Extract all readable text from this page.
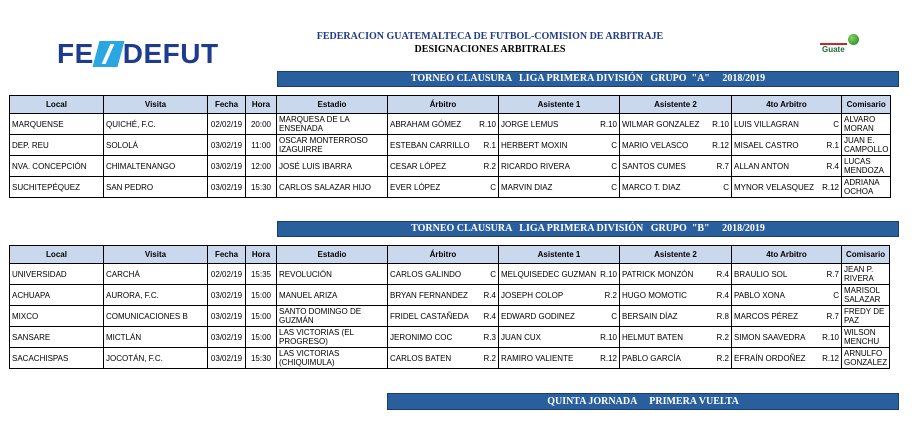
FE DEFUT
FEDERACION GUATEMALTECA DE FUTBOL-COMISION DE ARBITRAJE
DESIGNACIONES ARBITRALES	Guate
TORNEO CLAUSURA   LIGA PRIMERA DIVISIÓN   GRUPO  "A"     2018/2019
Local	Visita	Fecha	Hora	Estadio	Árbitro	Asistente 1	Asistente 2	4to Arbitro	Comisario
MARQUENSE	QUICHÉ, F.C.	02/02/19	20:00	MARQUESA DE LA ENSENADA	ABRAHAM GÓMEZ R.10	JORGE LEMUS R.10	WILMAR GONZALEZ R.10	LUIS VILLAGRAN C	ALVARO MORAN
DEP. REU	SOLOLÁ	03/02/19	11:00	OSCAR MONTERROSO IZAGUIRRE	ESTEBAN CARRILLO R.1	HERBERT MOXIN C	MARIO VELASCO R.12	MISAEL CASTRO R.1	JUAN E. CAMPOLLO
NVA. CONCEPCIÓN	CHIMALTENANGO	03/02/19	12:00	JOSÉ LUIS IBARRA	CESAR LÓPEZ R.2	RICARDO RIVERA C	SANTOS CUMES R.7	ALLAN ANTON R.4	LUCAS MENDOZA
SUCHITEPÉQUEZ	SAN PEDRO	03/02/19	15:30	CARLOS SALAZAR HIJO	EVER LÓPEZ C	MARVIN DIAZ C	MARCO T. DIAZ C	MYNOR VELASQUEZ R.12	ADRIANA OCHOA
TORNEO CLAUSURA   LIGA PRIMERA DIVISIÓN   GRUPO  "B"     2018/2019
Local	Visita	Fecha	Hora	Estadio	Árbitro	Asistente 1	Asistente 2	4to Arbitro	Comisario
UNIVERSIDAD	CARCHÁ	02/02/19	15:35	REVOLUCIÓN	CARLOS GALINDO C	MELQUISEDEC GUZMAN R.10	PATRICK MONZÓN R.4	BRAULIO SOL R.7	JEAN P. RIVERA
ACHUAPA	AURORA, F.C.	03/02/19	15:00	MANUEL ARIZA	BRYAN FERNANDEZ R.4	JOSEPH COLOP R.2	HUGO MOMOTIC R.4	PABLO XONA C	MARISOL SALAZAR
MIXCO	COMUNICACIONES B	03/02/19	15:00	SANTO DOMINGO DE GUZMÁN	FRIDEL CASTAÑEDA R.4	EDWARD GODINEZ C	BERSAIN DÍAZ R.8	MARCOS PÉREZ R.7	FREDY DE PAZ
SANSARE	MICTLÁN	03/02/19	15:00	LAS VICTORIAS (EL PROGRESO)	JERONIMO COC R.3	JUAN CUX R.10	HELMUT BATEN R.2	SIMON SAAVEDRA R.10	WILSON MENCHU
SACACHISPAS	JOCOTÁN, F.C.	03/02/19	15:30	LAS VICTORIAS (CHIQUIMULA)	CARLOS BATEN R.2	RAMIRO VALIENTE R.12	PABLO GARCÍA R.2	EFRAÍN ORDOÑEZ R.12	ARNULFO GONZALEZ
QUINTA JORNADA     PRIMERA VUELTA
